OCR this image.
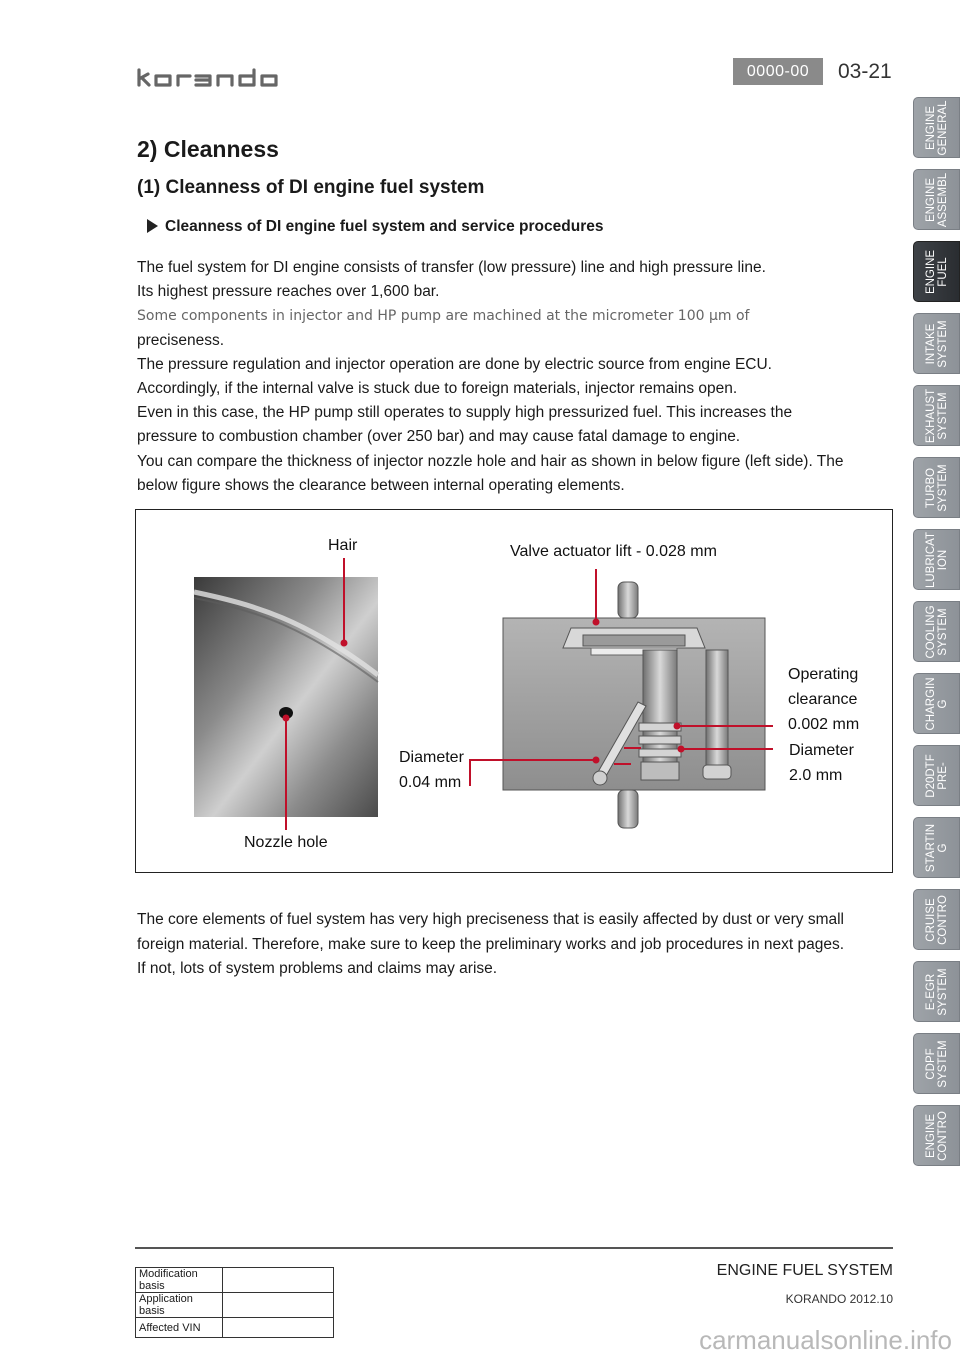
0000-00	03-21
2) Cleanness
(1) Cleanness of DI engine fuel system
Cleanness of DI engine fuel system and service procedures

The fuel system for DI engine consists of transfer (low pressure) line and high pressure line.

Its highest pressure reaches over 1,600 bar.

Some components in injector and HP pump are machined at the micrometer 100 µm of

preciseness.

The pressure regulation and injector operation are done by electric source from engine ECU.

Accordingly, if the internal valve is stuck due to foreign materials, injector remains open.

Even in this case, the HP pump still operates to supply high pressurized fuel. This increases the

pressure to combustion chamber (over 250 bar) and may cause fatal damage to engine.

You can compare the thickness of injector nozzle hole and hair as shown in below figure (left side). The

below figure shows the clearance between internal operating elements.

Hair
Nozzle hole
Valve actuator lift - 0.028 mm
Operating
clearance
0.002 mm
Diameter
2.0 mm
Diameter
0.04 mm

The core elements of fuel system has very high preciseness that is easily affected by dust or very small

foreign material. Therefore, make sure to keep the preliminary works and job procedures in next pages.

If not, lots of system problems and claims may arise.

ENGINE
GENERAL
ENGINE
ASSEMBL
ENGINE
FUEL
INTAKE
SYSTEM
EXHAUST
SYSTEM
TURBO
SYSTEM
LUBRICAT
ION
COOLING
SYSTEM
CHARGIN
G
D20DTF
PRE-
STARTIN
G
CRUISE
CONTRO
E-EGR
SYSTEM
CDPF
SYSTEM
ENGINE
CONTRO
Modification basis	
Application basis	
Affected VIN	
ENGINE FUEL SYSTEM
KORANDO 2012.10
carmanualsonline.info
